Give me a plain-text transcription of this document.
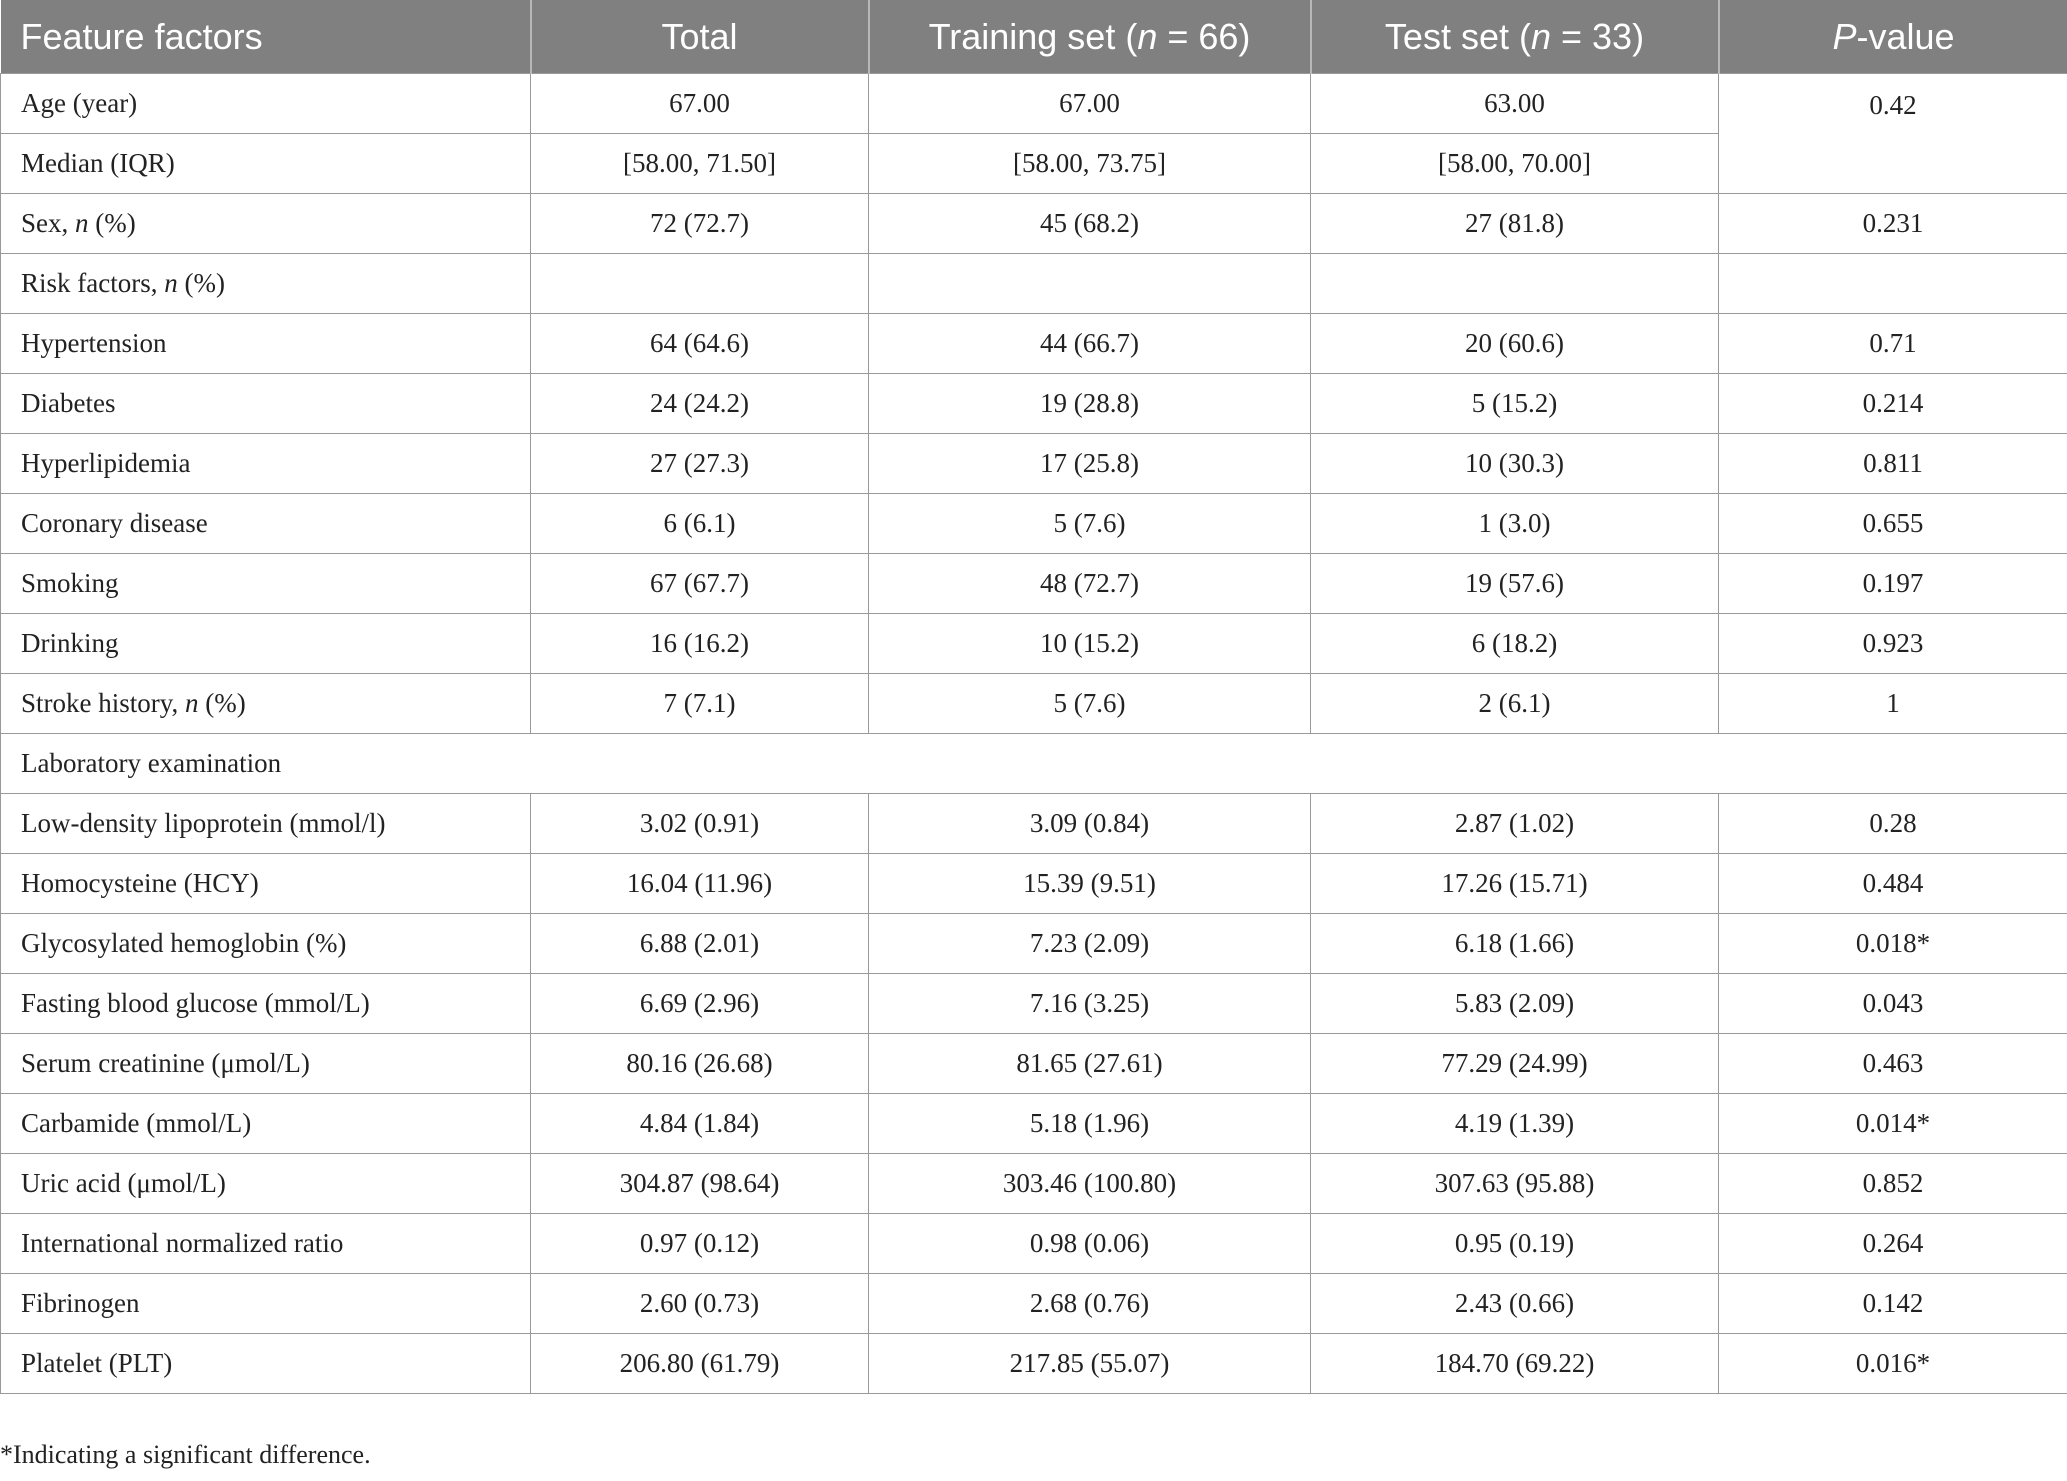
Feature factors	Total	Training set (n = 66)	Test set (n = 33)	P-value
Age (year)	67.00	67.00	63.00	0.42
Median (IQR)	[58.00, 71.50]	[58.00, 73.75]	[58.00, 70.00]	
Sex, n (%)	72 (72.7)	45 (68.2)	27 (81.8)	0.231
Risk factors, n (%)				
Hypertension	64 (64.6)	44 (66.7)	20 (60.6)	0.71
Diabetes	24 (24.2)	19 (28.8)	5 (15.2)	0.214
Hyperlipidemia	27 (27.3)	17 (25.8)	10 (30.3)	0.811
Coronary disease	6 (6.1)	5 (7.6)	1 (3.0)	0.655
Smoking	67 (67.7)	48 (72.7)	19 (57.6)	0.197
Drinking	16 (16.2)	10 (15.2)	6 (18.2)	0.923
Stroke history, n (%)	7 (7.1)	5 (7.6)	2 (6.1)	1
Laboratory examination				
Low-density lipoprotein (mmol/l)	3.02 (0.91)	3.09 (0.84)	2.87 (1.02)	0.28
Homocysteine (HCY)	16.04 (11.96)	15.39 (9.51)	17.26 (15.71)	0.484
Glycosylated hemoglobin (%)	6.88 (2.01)	7.23 (2.09)	6.18 (1.66)	0.018*
Fasting blood glucose (mmol/L)	6.69 (2.96)	7.16 (3.25)	5.83 (2.09)	0.043
Serum creatinine (μmol/L)	80.16 (26.68)	81.65 (27.61)	77.29 (24.99)	0.463
Carbamide (mmol/L)	4.84 (1.84)	5.18 (1.96)	4.19 (1.39)	0.014*
Uric acid (μmol/L)	304.87 (98.64)	303.46 (100.80)	307.63 (95.88)	0.852
International normalized ratio	0.97 (0.12)	0.98 (0.06)	0.95 (0.19)	0.264
Fibrinogen	2.60 (0.73)	2.68 (0.76)	2.43 (0.66)	0.142
Platelet (PLT)	206.80 (61.79)	217.85 (55.07)	184.70 (69.22)	0.016*
*Indicating a significant difference.
